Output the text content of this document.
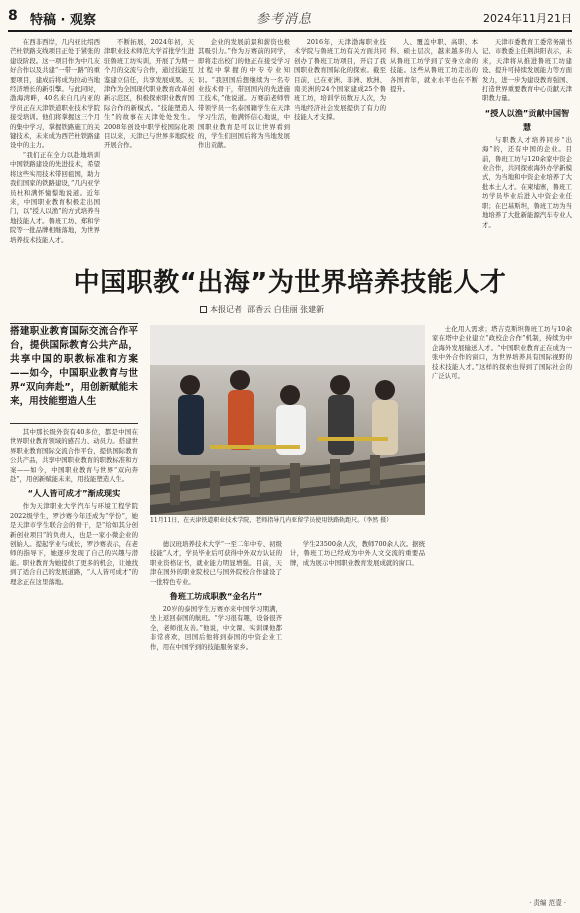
8 特稿 · 观察	参考消息	2024年11月21日

在西非西岸，几内亚比绍西芒杜铁路支线项目正处于紧张的建设阶段。这一项目作为中几友好合作以及共建“一带一路”的重要项目，建成后将成为拉动当地经济增长的新引擎。与此同时，渤海湾畔，40名来自几内亚的学员正在天津铁道职业技术学院接受培训。他们将掌握这三个月的集中学习，掌握铁路施工的关键技术，未来成为西芒杜铁路建设中的主力。

“我们正在全力以赴地培训中国铁路建设的先进技术，希望将这些实用技术带回祖国，助力我们国家的铁路建设，”几内亚学员杜和满怀憧憬地说道。近年来，中国职业教育积极走出国门，以“授人以渔”的方式培养当地技能人才。鲁班工坊、郑和学院等一批品牌相继落地，为世界培养技术技能人才。

不断拓展，2024年初，天津职业技术师范大学首批学生进驻鲁班工坊实训，开展了为期一个月的交流与合作，通过技能互鉴建立信任，共享发展成果。天津作为全国现代职业教育改革创新示范区，积极探索职业教育国际合作的新模式。“技能塑造人生”的故事在天津处处发生。2008年创设中职学校国际化项目以来，天津已与世界多地院校开展合作。

企业的发展前景和薪资也极其吸引力。”作为万赛前的同学，即将走出校门的他正在接受学习过程中掌握的中专专业知识。“我回国后想继续为一名专业技术骨干，带回国内的先进施工技术，”他说道。万赛前老师曾带领学员一名泰国籍学生在天津学习生活，他满怀信心地说，中国职业教育是可以让世界看到的，学生们回国后将为当地发展作出贡献。

2016年，天津渤海职业技术学院与鲁班工坊有关方面共同创办了鲁班工坊项目，开启了我国职业教育国际化的探索。截至目前，已在亚洲、非洲、欧洲、南美洲的24个国家建成25个鲁班工坊，培训学员数万人次，为当地经济社会发展提供了有力的技能人才支撑。

人、覆盖中职、高职、本科、硕士层次，越来越多的人从鲁班工坊学到了安身立命的技能。这些从鲁班工坊走出的各国青年，就业水平也在不断提升。

天津市委教育工委常务副书记、市教委主任荆洪阳表示，未来，天津将从推进鲁班工坊建设、提升可持续发展能力等方面发力，进一步为建设教育强国、打造世界重要教育中心贡献天津职教力量。

“授人以渔”贡献中国智慧

与职教人才培养同步“出海”的，还有中国的企业。目前，鲁班工坊与120余家中资企业合作，共同探索海外办学新模式，为当地和中资企业培养了大批本土人才。在柬埔寨，鲁班工坊学员毕业后进入中资企业任职；在巴基斯坦，鲁班工坊为当地培养了大批新能源汽车专业人才。

中国职教“出海”为世界培养技能人才
本报记者 邵香云 白佳丽 张建新
搭建职业教育国际交流合作平台，提供国际教育公共产品，共享中国的职教标准和方案——如今，中国职业教育与世界“双向奔赴”，用创新赋能未来，用技能塑造人生

其中那长级外资有40多位，都是中国在世界职业教育领域的感召力、动员力。搭建世界职业教育国际交流合作平台，提供国际教育公共产品，共享中国职业教育的职教标准和方案——如今，中国职业教育与世界“双向奔赴”，用创新赋能未来，用技能塑造人生。

“人人皆可成才”渐成现实

作为天津职业大学汽车与环境工程学院2022级学生，罗沙赛今年还成为“学份”，她是天津市学生联合会的骨干，是“给如其分创新创业项目”的负责人，也是一家小微企业的创始人。提起学业与成长，罗沙赛表示，在老师的指导下，她逐步发现了自己的兴趣与潜能。职业教育为她提供了更多的机会，让她找到了适合自己的发展道路，“人人皆可成才”的理念正在这里落地。

11月11日，在天津铁道职业技术学院，老师指导几内亚留学员使用铁路轨距尺。（李然 摄）

德汉班培养技术大学“一至二年中专、初级技能”人才，学员毕业后可获得中外双方认证的职业资格证书，就业能力明显增强。目前，天津在国外的职业院校已与国外院校合作建设了一批特色专业。

鲁班工坊成职教“金名片”

20岁的泰国学生万赛亦来中国学习期满，坐上返回泰国的航班。“学习很有趣，设备很齐全，老师很友善。”他说，中文课、实训课他都非常喜欢，回国后他将到泰国的中资企业工作，用在中国学到的技能服务家乡。

学生23500余人次，教师700余人次。据统计，鲁班工坊已经成为中外人文交流的重要品牌，成为展示中国职业教育发展成就的窗口。

士化用人需求；塔吉克斯坦鲁班工坊与10余家在塔中企业建立“政校企合作”机制，持续为中企海外发展输送人才。“中国职业教育正在成为一张中外合作的窗口，为世界培养具有国际视野的技术技能人才。”这样的探索也得到了国际社会的广泛认可。

· 责编 范壹 ·
